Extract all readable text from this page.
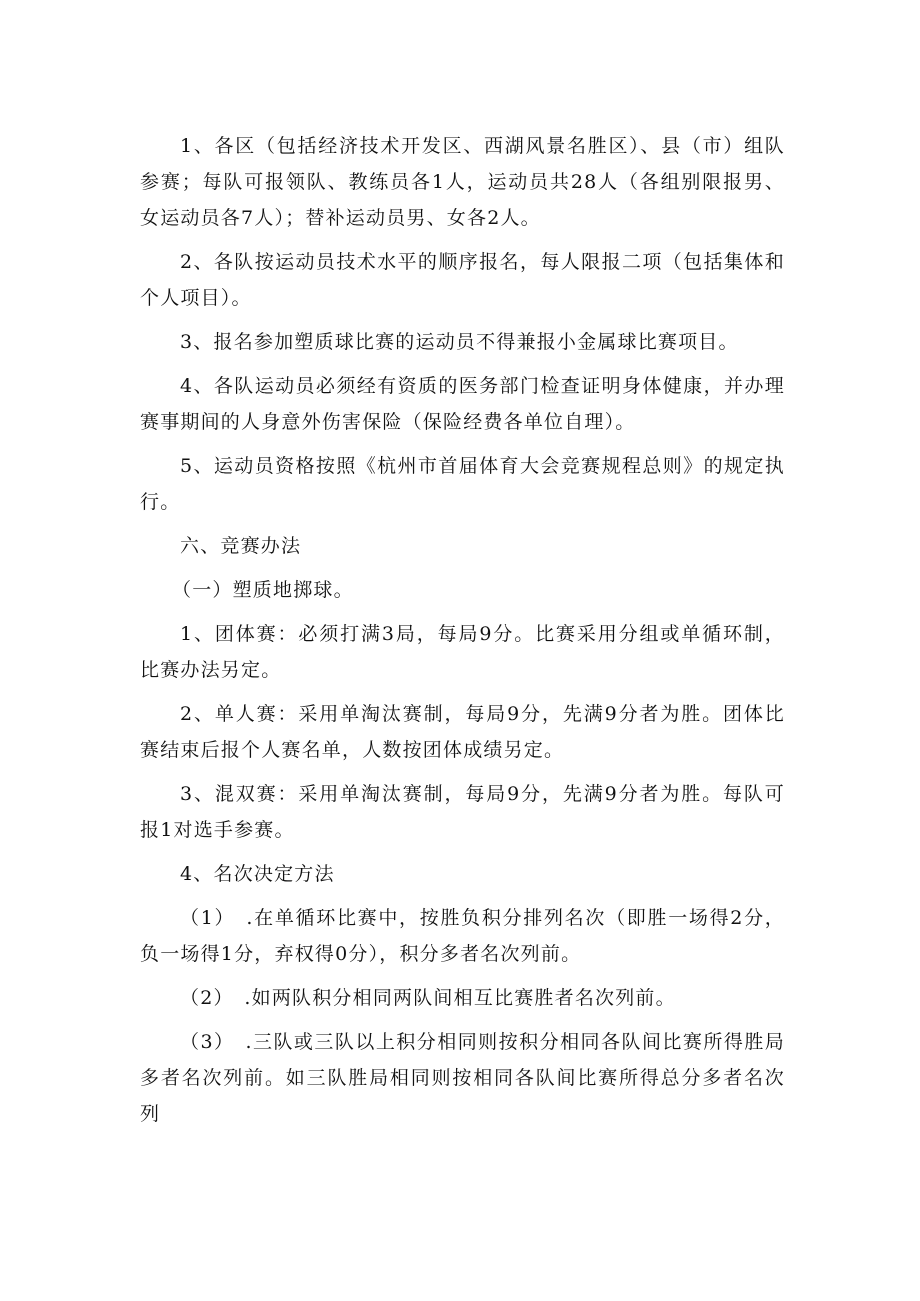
1、各区（包括经济技术开发区、西湖风景名胜区）、县（市）组队参赛；每队可报领队、教练员各1人，运动员共28人（各组别限报男、女运动员各7人）；替补运动员男、女各2人。

2、各队按运动员技术水平的顺序报名，每人限报二项（包括集体和个人项目）。

3、报名参加塑质球比赛的运动员不得兼报小金属球比赛项目。

4、各队运动员必须经有资质的医务部门检查证明身体健康，并办理赛事期间的人身意外伤害保险（保险经费各单位自理）。

5、运动员资格按照《杭州市首届体育大会竞赛规程总则》的规定执行。

六、竞赛办法

（一）塑质地掷球。

1、团体赛：必须打满3局，每局9分。比赛采用分组或单循环制，比赛办法另定。

2、单人赛：采用单淘汰赛制，每局9分，先满9分者为胜。团体比赛结束后报个人赛名单，人数按团体成绩另定。

3、混双赛：采用单淘汰赛制，每局9分，先满9分者为胜。每队可报1对选手参赛。

4、名次决定方法

（1）　.在单循环比赛中，按胜负积分排列名次（即胜一场得2分，负一场得1分，弃权得0分），积分多者名次列前。

（2）　.如两队积分相同两队间相互比赛胜者名次列前。

（3）　.三队或三队以上积分相同则按积分相同各队间比赛所得胜局多者名次列前。如三队胜局相同则按相同各队间比赛所得总分多者名次列
